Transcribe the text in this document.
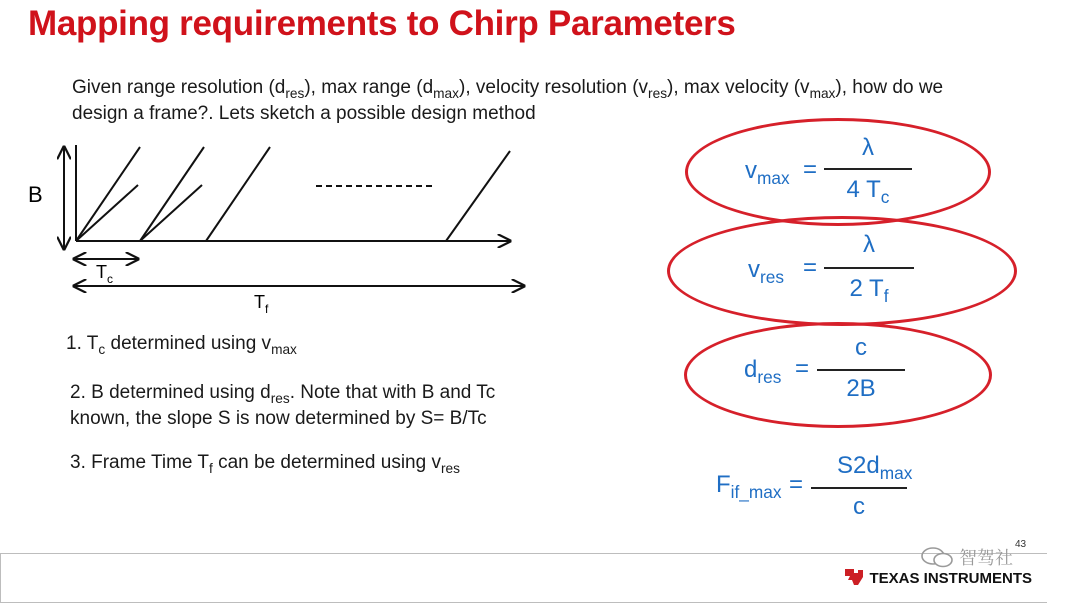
Mapping requirements to Chirp Parameters
Given range resolution $(d_{res})$, max range $(d_{max})$, velocity resolution $(v_{res})$, max velocity $(v_{max})$, how do we
design a frame?. Lets sketch a possible design method
B
$T_c$
$T_f$
1. $T_c$ determined using $v_{max}$
2. B determined using $d_{res}$. Note that with B and Tc
known, the slope S is now determined by S= B/Tc
3. Frame Time $T_f$ can be determined using $v_{res}$
$v_{max}$ =
λ
4 $T_c$
$v_{res}$ =
λ
2 $T_f$
$d_{res}$ =
c
2B
$F_{if\_max}$ =
$S2d_{max}$
c
43
智驾社
TEXAS INSTRUMENTS
